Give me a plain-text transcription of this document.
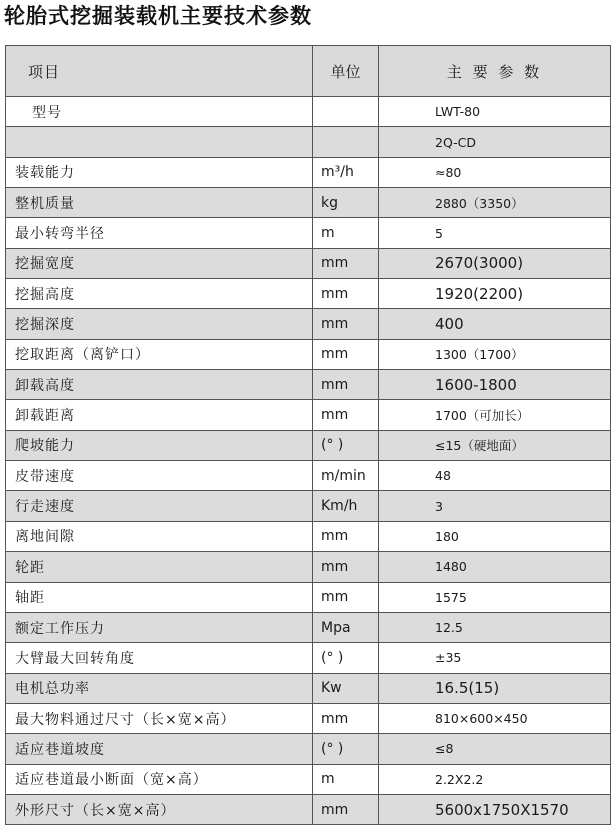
轮胎式挖掘装载机主要技术参数
项目	单位	主 要 参 数
型号		LWT-80
		2Q-CD
装载能力	m³/h	≈80
整机质量	kg	2880（3350）
最小转弯半径	m	5
挖掘宽度	mm	2670(3000)
挖掘高度	mm	1920(2200)
挖掘深度	mm	400
挖取距离（离铲口）	mm	1300（1700）
卸载高度	mm	1600-1800
卸载距离	mm	1700（可加长）
爬坡能力	(° )	≤15（硬地面）
皮带速度	m/min	48
行走速度	Km/h	3
离地间隙	mm	180
轮距	mm	1480
轴距	mm	1575
额定工作压力	Mpa	12.5
大臂最大回转角度	(° )	±35
电机总功率	Kw	16.5(15)
最大物料通过尺寸（长×宽×高）	mm	810×600×450
适应巷道坡度	(° )	≤8
适应巷道最小断面（宽×高）	m	2.2X2.2
外形尺寸（长×宽×高）	mm	5600x1750X1570
